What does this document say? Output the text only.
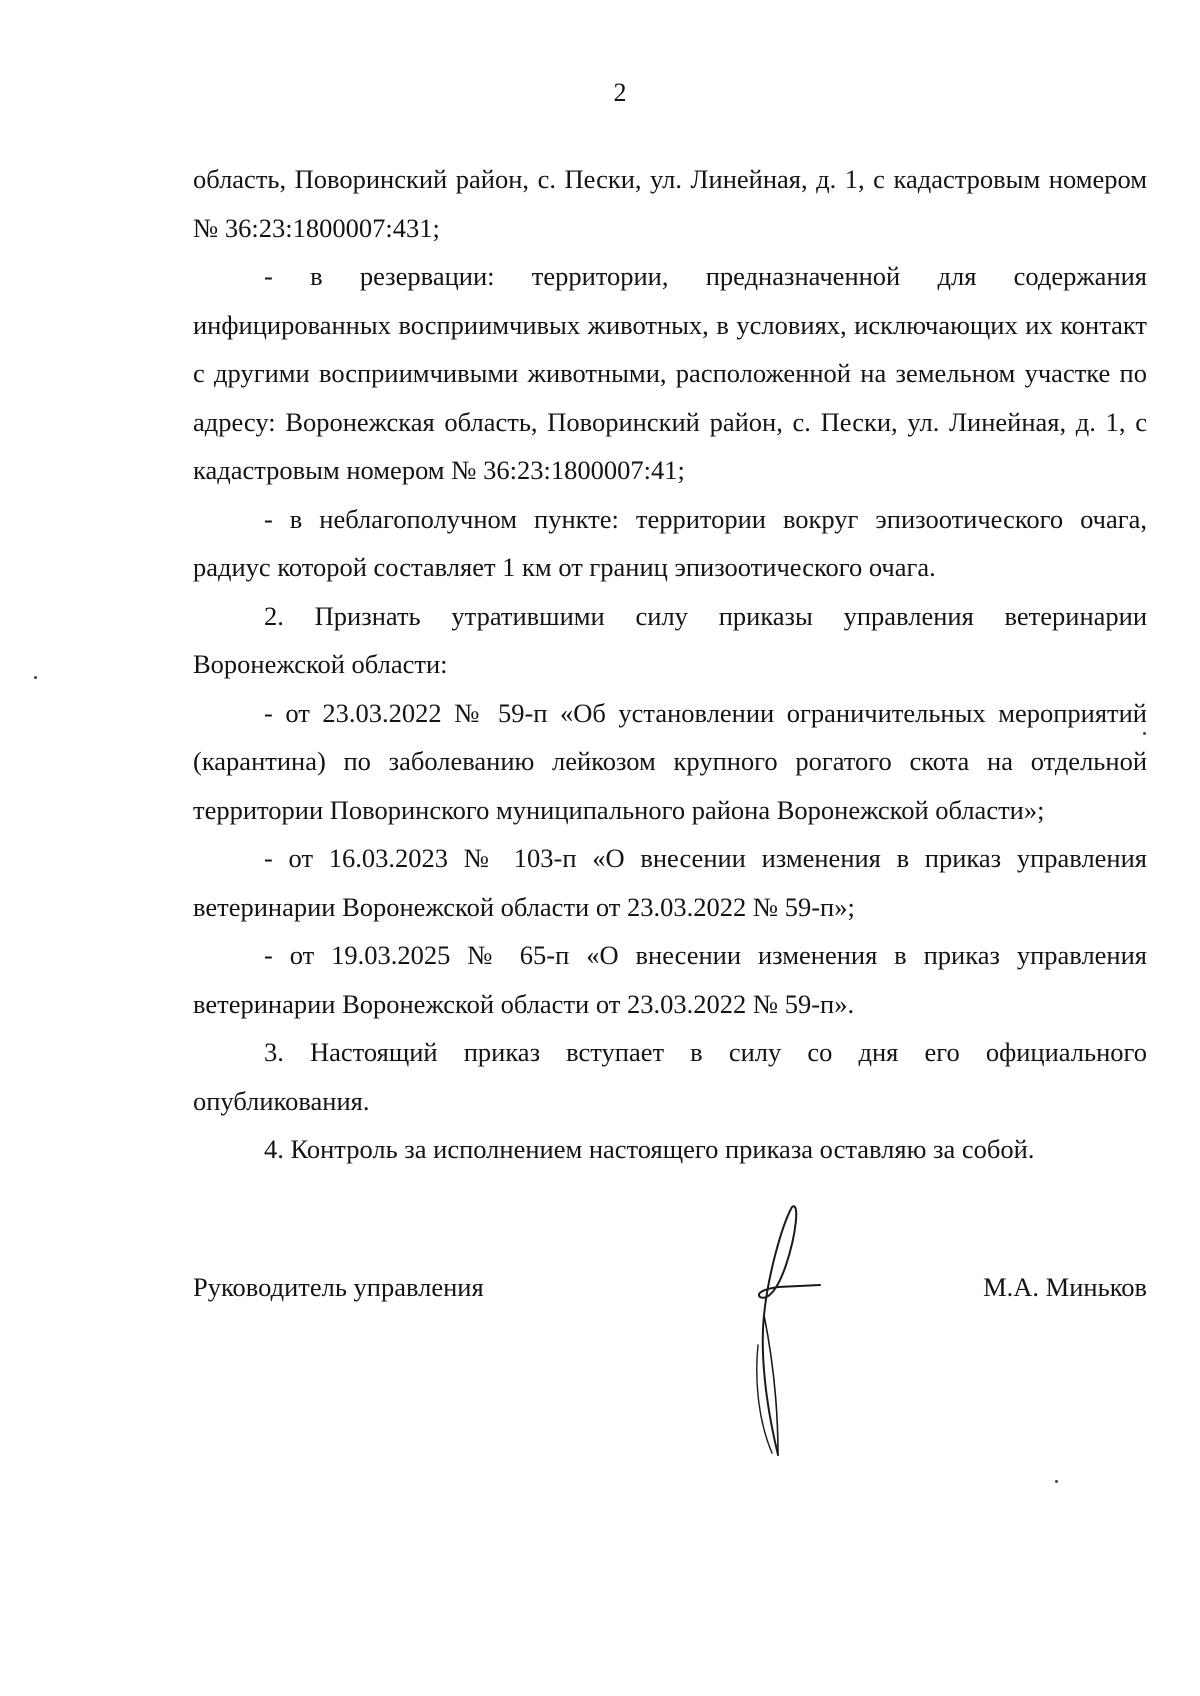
2

область, Поворинский район, с. Пески, ул. Линейная, д. 1, с кадастровым номером № 36:23:1800007:431;

- в резервации: территории, предназначенной для содержания инфицированных восприимчивых животных, в условиях, исключающих их контакт с другими восприимчивыми животными, расположенной на земельном участке по адресу: Воронежская область, Поворинский район, с. Пески, ул. Линейная, д. 1, с кадастровым номером № 36:23:1800007:41;

- в неблагополучном пункте: территории вокруг эпизоотического очага, радиус которой составляет 1 км от границ эпизоотического очага.

2. Признать утратившими силу приказы управления ветеринарии Воронежской области:

- от 23.03.2022 № 59-п «Об установлении ограничительных мероприятий (карантина) по заболеванию лейкозом крупного рогатого скота на отдельной территории Поворинского муниципального района Воронежской области»;

- от 16.03.2023 № 103-п «О внесении изменения в приказ управления ветеринарии Воронежской области от 23.03.2022 № 59-п»;

- от 19.03.2025 № 65-п «О внесении изменения в приказ управления ветеринарии Воронежской области от 23.03.2022 № 59-п».

3. Настоящий приказ вступает в силу со дня его официального опубликования.

4. Контроль за исполнением настоящего приказа оставляю за собой.

Руководитель управления	М.А. Миньков
